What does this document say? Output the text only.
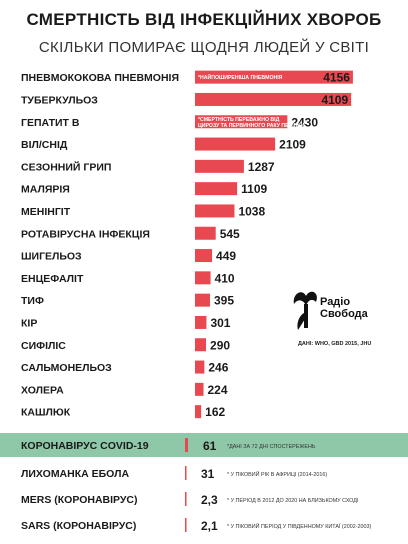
СМЕРТНІСТЬ ВІД ІНФЕКЦІЙНИХ ХВОРОБ
СКІЛЬКИ ПОМИРАЄ ЩОДНЯ ЛЮДЕЙ У СВІТІ
ПНЕВМОКОКОВА ПНЕВМОНІЯ	4156
ТУБЕРКУЛЬОЗ	4109
ГЕПАТИТ В	2430
ВІЛ/СНІД	2109
СЕЗОННИЙ ГРИП	1287
МАЛЯРІЯ	1109
МЕНІНГІТ	1038
РОТАВІРУСНА ІНФЕКЦІЯ	545
ШИГЕЛЬОЗ	449
ЕНЦЕФАЛІТ	410
ТИФ	395
КІР	301
СИФІЛІС	290
САЛЬМОНЕЛЬОЗ	246
ХОЛЕРА	224
КАШЛЮК	162
*НАЙПОШИРЕНІША ПНЕВМОНІЯ
*СМЕРТНІСТЬ ПЕРЕВАЖНО ВІД
ЦИРОЗУ ТА ПЕРВИННОГО РАКУ ПЕЧІНКИ
КОРОНАВІРУС COVID-19	61 *ДАНІ ЗА 72 ДНІ СПОСТЕРЕЖЕНЬ
ЛИХОМАНКА ЕБОЛА	31 * У ПІКОВИЙ РІК В АФРИЦІ (2014-2016)
MERS (КОРОНАВІРУС)	2,3 * У ПЕРІОД В 2012 ДО 2020 НА БЛИЗЬКОМУ СХОДІ
SARS (КОРОНАВІРУС)	2,1 * У ПІКОВИЙ ПЕРІОД У ПІВДЕННОМУ КИТАЇ (2002-2003)
Радіо
Свобода
ДАНІ: WHO, GBD 2015, JHU
